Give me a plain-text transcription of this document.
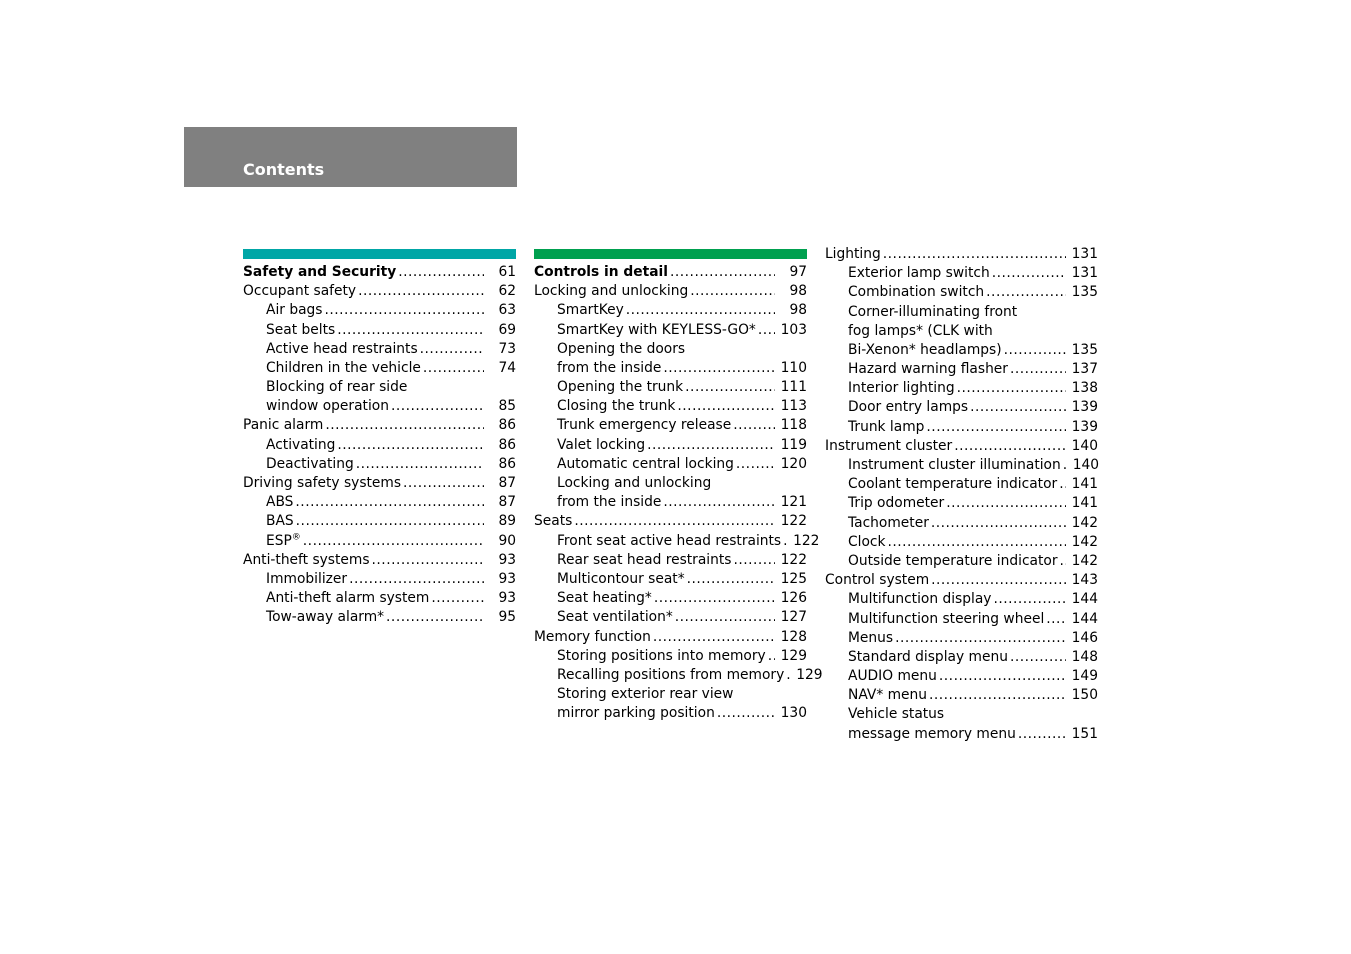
Contents
Safety and Security .....	61
Occupant safety .....	62
Air bags .....	63
Seat belts .....	69
Active head restraints .....	73
Children in the vehicle .....	74
Blocking of rear side
window operation .....	85
Panic alarm .....	86
Activating .....	86
Deactivating .....	86
Driving safety systems .....	87
ABS .....	87
BAS .....	89
ESP® .....	90
Anti-theft systems .....	93
Immobilizer .....	93
Anti-theft alarm system .....	93
Tow-away alarm* .....	95
Controls in detail .....	97
Locking and unlocking .....	98
SmartKey .....	98
SmartKey with KEYLESS-GO* ..... 103
Opening the doors
from the inside .....	110
Opening the trunk .....	111
Closing the trunk .....	113
Trunk emergency release .....	118
Valet locking .....	119
Automatic central locking .....	120
Locking and unlocking
from the inside .....	121
Seats .....	122
Front seat active head restraints ..... 122
Rear seat head restraints .....	122
Multicontour seat* .....	125
Seat heating* .....	126
Seat ventilation* .....	127
Memory function .....	128
Storing positions into memory ..... 129
Recalling positions from memory ..... 129
Storing exterior rear view
mirror parking position .....	130
Lighting .....	131
Exterior lamp switch .....	131
Combination switch .....	135
Corner-illuminating front
fog lamps* (CLK with
Bi-Xenon* headlamps) .....	135
Hazard warning flasher .....	137
Interior lighting .....	138
Door entry lamps .....	139
Trunk lamp .....	139
Instrument cluster .....	140
Instrument cluster illumination ..... 140
Coolant temperature indicator ..... 141
Trip odometer .....	141
Tachometer .....	142
Clock .....	142
Outside temperature indicator ..... 142
Control system .....	143
Multifunction display .....	144
Multifunction steering wheel ..... 144
Menus .....	146
Standard display menu .....	148
AUDIO menu .....	149
NAV* menu .....	150
Vehicle status
message memory menu .....	151
